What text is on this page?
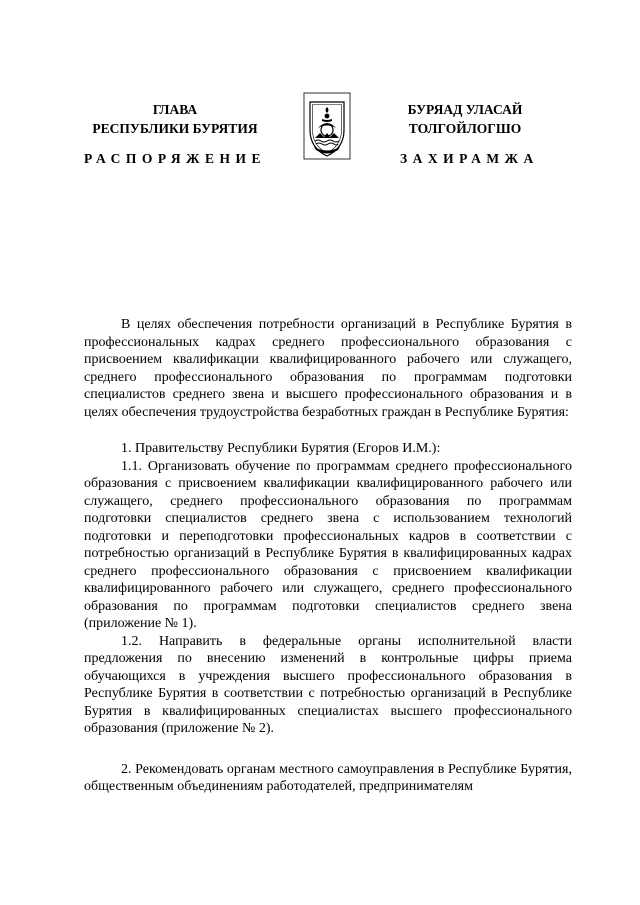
ГЛАВА
РЕСПУБЛИКИ БУРЯТИЯ
БУРЯАД УЛАСАЙ
ТОЛГОЙЛОГШО
РАСПОРЯЖЕНИЕ	ЗАХИРАМЖА

В целях обеспечения потребности организаций в Республике Бурятия в профессиональных кадрах среднего профессионального образования с присвоением квалификации квалифицированного рабочего или служащего, среднего профессионального образования по программам подготовки специалистов среднего звена и высшего профессионального образования и в целях обеспечения трудоустройства безработных граждан в Республике Бурятия:

1. Правительству Республики Бурятия (Егоров И.М.):

1.1. Организовать обучение по программам среднего профессионального образования с присвоением квалификации квалифицированного рабочего или служащего, среднего профессионального образования по программам подготовки специалистов среднего звена с использованием технологий подготовки и переподготовки профессиональных кадров в соответствии с потребностью организаций в Республике Бурятия в квалифицированных кадрах среднего профессионального образования с присвоением квалификации квалифицированного рабочего или служащего, среднего профессионального образования по программам подготовки специалистов среднего звена (приложение № 1).

1.2. Направить в федеральные органы исполнительной власти предложения по внесению изменений в контрольные цифры приема обучающихся в учреждения высшего профессионального образования в Республике Бурятия в соответствии с потребностью организаций в Республике Бурятия в квалифицированных специалистах высшего профессионального образования (приложение № 2).

2. Рекомендовать органам местного самоуправления в Республике Бурятия, общественным объединениям работодателей, предпринимателям
